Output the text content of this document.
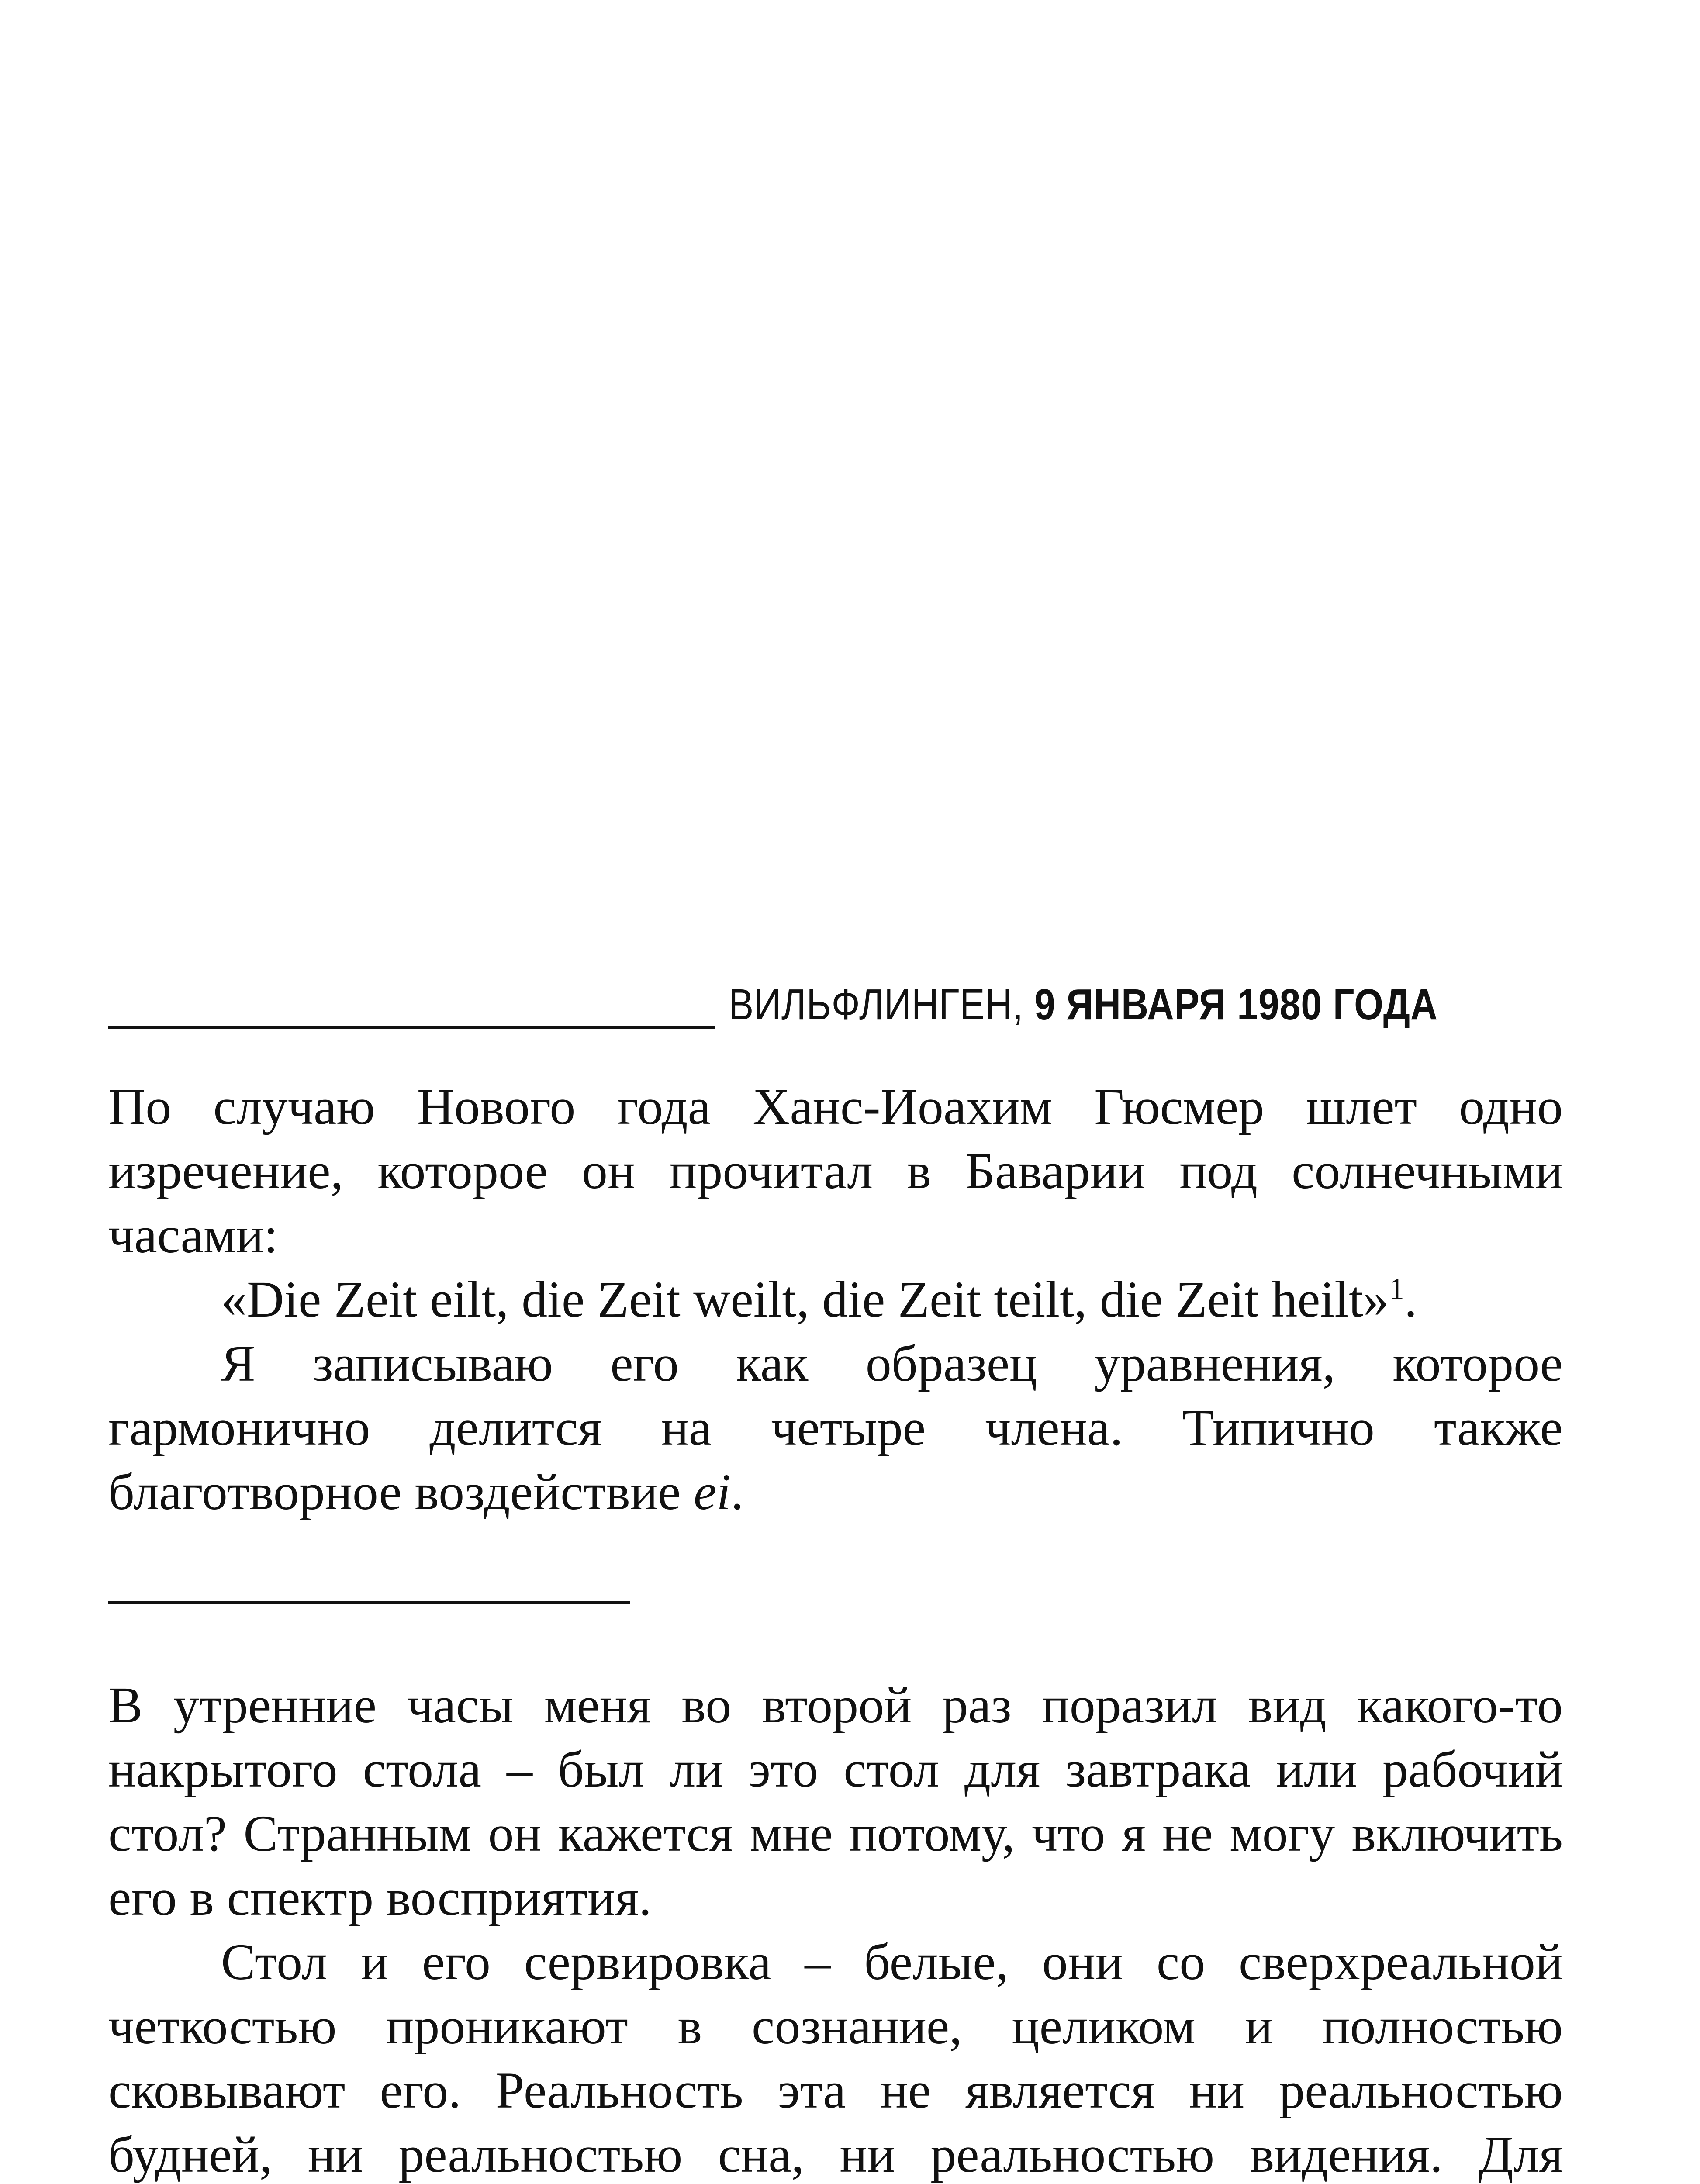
ВИЛЬФЛИНГЕН, 9 ЯНВАРЯ 1980 ГОДА

По случаю Нового года Ханс-Иоахим Гюсмер шлет одно изречение, которое он прочитал в Баварии под солнечными часами:

«Die Zeit eilt, die Zeit weilt, die Zeit teilt, die Zeit heilt»$^1$.

Я записываю его как образец уравнения, которое гармонично делится на четыре члена. Типично также благотворное воздействие ei.

В утренние часы меня во второй раз поразил вид какого-то накрытого стола – был ли это стол для завтрака или рабочий стол? Странным он кажется мне потому, что я не могу включить его в спектр восприятия.

Стол и его сервировка – белые, они со сверхреальной четкостью проникают в сознание, целиком и полностью сковывают его. Реальность эта не является ни реальностью будней, ни реальностью сна, ни реальностью видения. Для
